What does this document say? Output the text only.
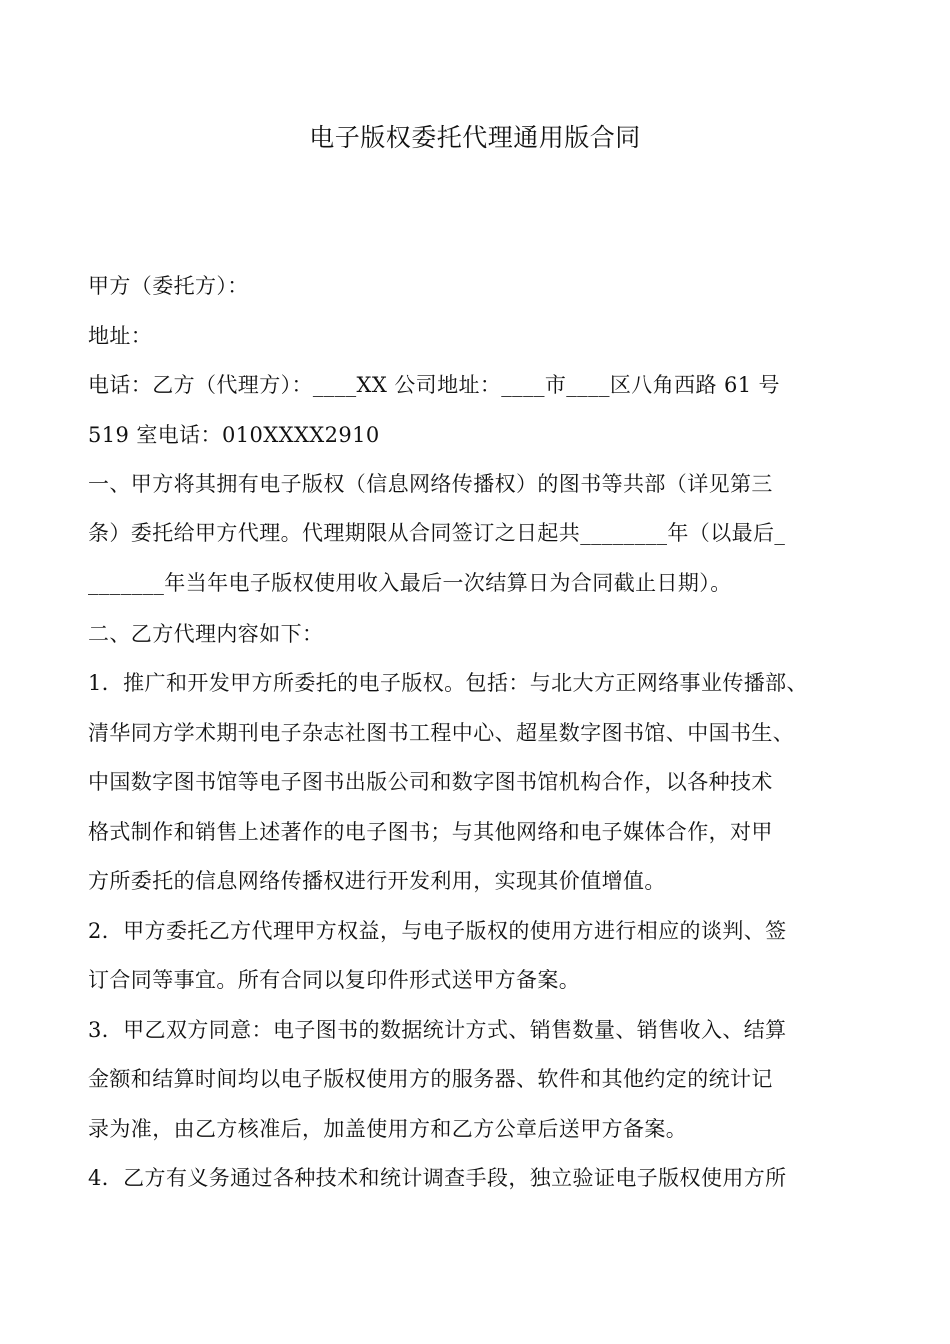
电子版权委托代理通用版合同

甲方（委托方）：

地址：

电话：乙方（代理方）：____XX 公司地址：____市____区八角西路 61 号

519 室电话：010XXXX2910

一、甲方将其拥有电子版权（信息网络传播权）的图书等共部（详见第三

条）委托给甲方代理。代理期限从合同签订之日起共________年（以最后_

_______年当年电子版权使用收入最后一次结算日为合同截止日期）。

二、乙方代理内容如下：

1．推广和开发甲方所委托的电子版权。包括：与北大方正网络事业传播部、

清华同方学术期刊电子杂志社图书工程中心、超星数字图书馆、中国书生、

中国数字图书馆等电子图书出版公司和数字图书馆机构合作，以各种技术

格式制作和销售上述著作的电子图书；与其他网络和电子媒体合作，对甲

方所委托的信息网络传播权进行开发利用，实现其价值增值。

2．甲方委托乙方代理甲方权益，与电子版权的使用方进行相应的谈判、签

订合同等事宜。所有合同以复印件形式送甲方备案。

3．甲乙双方同意：电子图书的数据统计方式、销售数量、销售收入、结算

金额和结算时间均以电子版权使用方的服务器、软件和其他约定的统计记

录为准，由乙方核准后，加盖使用方和乙方公章后送甲方备案。

4．乙方有义务通过各种技术和统计调查手段，独立验证电子版权使用方所
